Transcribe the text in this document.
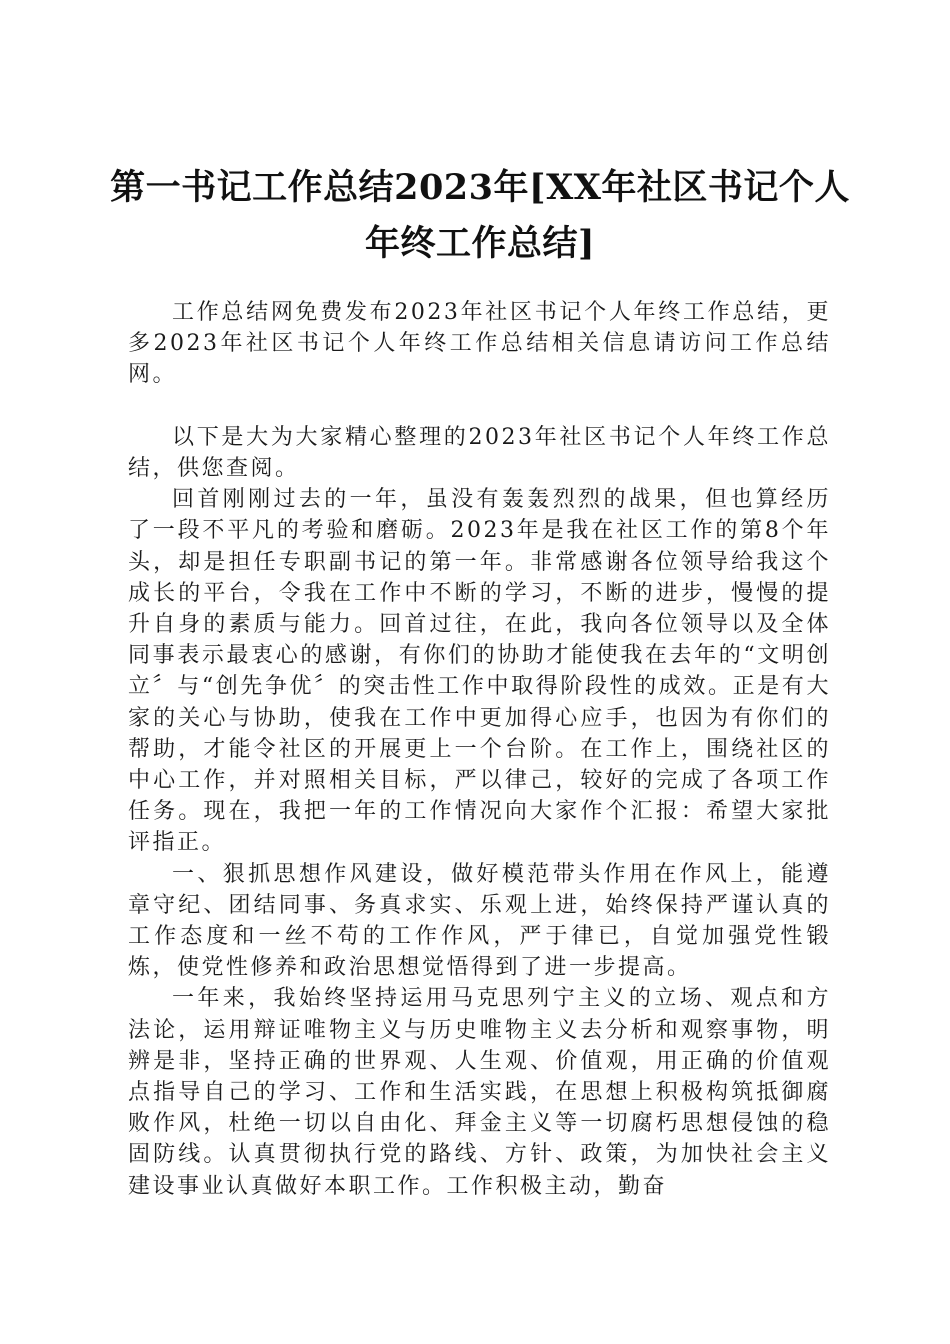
第一书记工作总结2023年[XX年社区书记个人年终工作总结]

工作总结网免费发布2023年社区书记个人年终工作总结，更多2023年社区书记个人年终工作总结相关信息请访问工作总结网。

以下是大为大家精心整理的2023年社区书记个人年终工作总结，供您查阅。

回首刚刚过去的一年，虽没有轰轰烈烈的战果，但也算经历了一段不平凡的考验和磨砺。2023年是我在社区工作的第8个年头，却是担任专职副书记的第一年。非常感谢各位领导给我这个成长的平台，令我在工作中不断的学习，不断的进步，慢慢的提升自身的素质与能力。回首过往，在此，我向各位领导以及全体同事表示最衷心的感谢，有你们的协助才能使我在去年的“文明创立〞与“创先争优〞的突击性工作中取得阶段性的成效。正是有大家的关心与协助，使我在工作中更加得心应手，也因为有你们的帮助，才能令社区的开展更上一个台阶。在工作上，围绕社区的中心工作，并对照相关目标，严以律己，较好的完成了各项工作任务。现在，我把一年的工作情况向大家作个汇报：希望大家批评指正。

一、狠抓思想作风建设，做好模范带头作用在作风上，能遵章守纪、团结同事、务真求实、乐观上进，始终保持严谨认真的工作态度和一丝不苟的工作作风，严于律已，自觉加强党性锻炼，使党性修养和政治思想觉悟得到了进一步提高。

一年来，我始终坚持运用马克思列宁主义的立场、观点和方法论，运用辩证唯物主义与历史唯物主义去分析和观察事物，明辨是非，坚持正确的世界观、人生观、价值观，用正确的价值观点指导自己的学习、工作和生活实践，在思想上积极构筑抵御腐败作风，杜绝一切以自由化、拜金主义等一切腐朽思想侵蚀的稳固防线。认真贯彻执行党的路线、方针、政策，为加快社会主义建设事业认真做好本职工作。工作积极主动，勤奋
